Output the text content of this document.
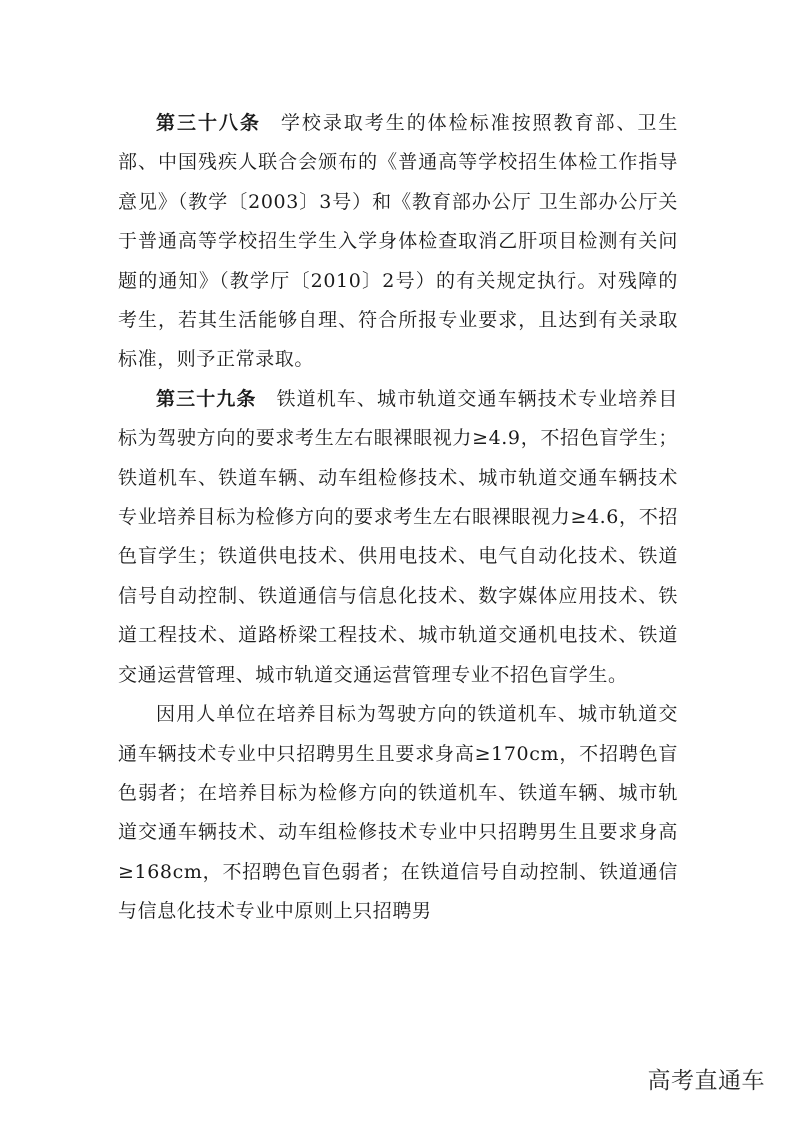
第三十八条 学校录取考生的体检标准按照教育部、卫生部、中国残疾人联合会颁布的《普通高等学校招生体检工作指导意见》（教学〔2003〕3号）和《教育部办公厅 卫生部办公厅关于普通高等学校招生学生入学身体检查取消乙肝项目检测有关问题的通知》（教学厅〔2010〕2号）的有关规定执行。对残障的考生，若其生活能够自理、符合所报专业要求，且达到有关录取标准，则予正常录取。

第三十九条 铁道机车、城市轨道交通车辆技术专业培养目标为驾驶方向的要求考生左右眼裸眼视力≥4.9，不招色盲学生；铁道机车、铁道车辆、动车组检修技术、城市轨道交通车辆技术专业培养目标为检修方向的要求考生左右眼裸眼视力≥4.6，不招色盲学生；铁道供电技术、供用电技术、电气自动化技术、铁道信号自动控制、铁道通信与信息化技术、数字媒体应用技术、铁道工程技术、道路桥梁工程技术、城市轨道交通机电技术、铁道交通运营管理、城市轨道交通运营管理专业不招色盲学生。

因用人单位在培养目标为驾驶方向的铁道机车、城市轨道交通车辆技术专业中只招聘男生且要求身高≥170cm，不招聘色盲色弱者；在培养目标为检修方向的铁道机车、铁道车辆、城市轨道交通车辆技术、动车组检修技术专业中只招聘男生且要求身高≥168cm，不招聘色盲色弱者；在铁道信号自动控制、铁道通信与信息化技术专业中原则上只招聘男

高考直通车
